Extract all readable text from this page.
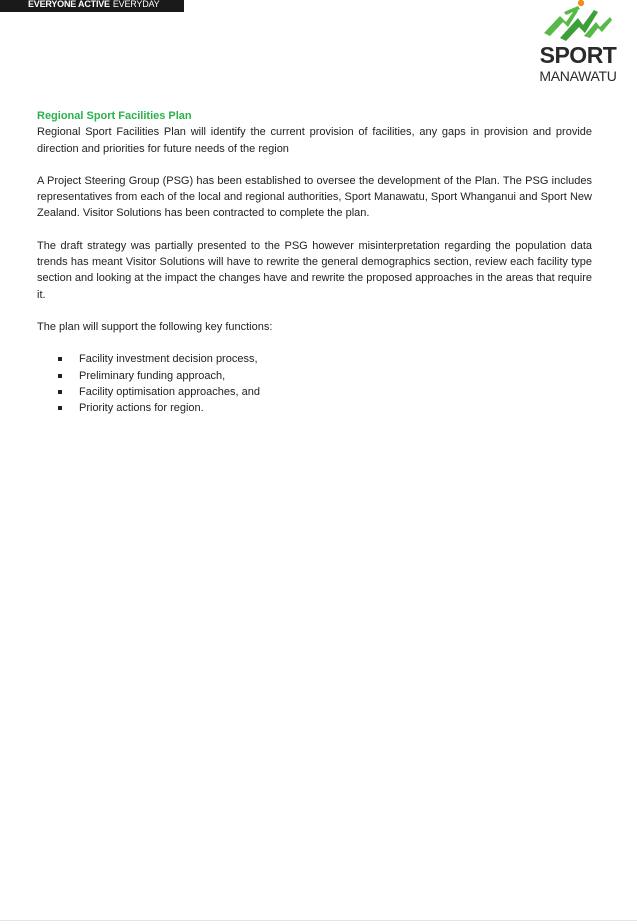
EVERYONE ACTIVE EVERYDAY
SPORT
MANAWATU
Regional Sport Facilities Plan

Regional Sport Facilities Plan will identify the current provision of facilities, any gaps in provision and provide direction and priorities for future needs of the region

A Project Steering Group (PSG) has been established to oversee the development of the Plan. The PSG includes representatives from each of the local and regional authorities, Sport Manawatu, Sport Whanganui and Sport New Zealand. Visitor Solutions has been contracted to complete the plan.

The draft strategy was partially presented to the PSG however misinterpretation regarding the population data trends has meant Visitor Solutions will have to rewrite the general demographics section, review each facility type section and looking at the impact the changes have and rewrite the proposed approaches in the areas that require it.

The plan will support the following key functions:

Facility investment decision process,
Preliminary funding approach,
Facility optimisation approaches, and
Priority actions for region.
